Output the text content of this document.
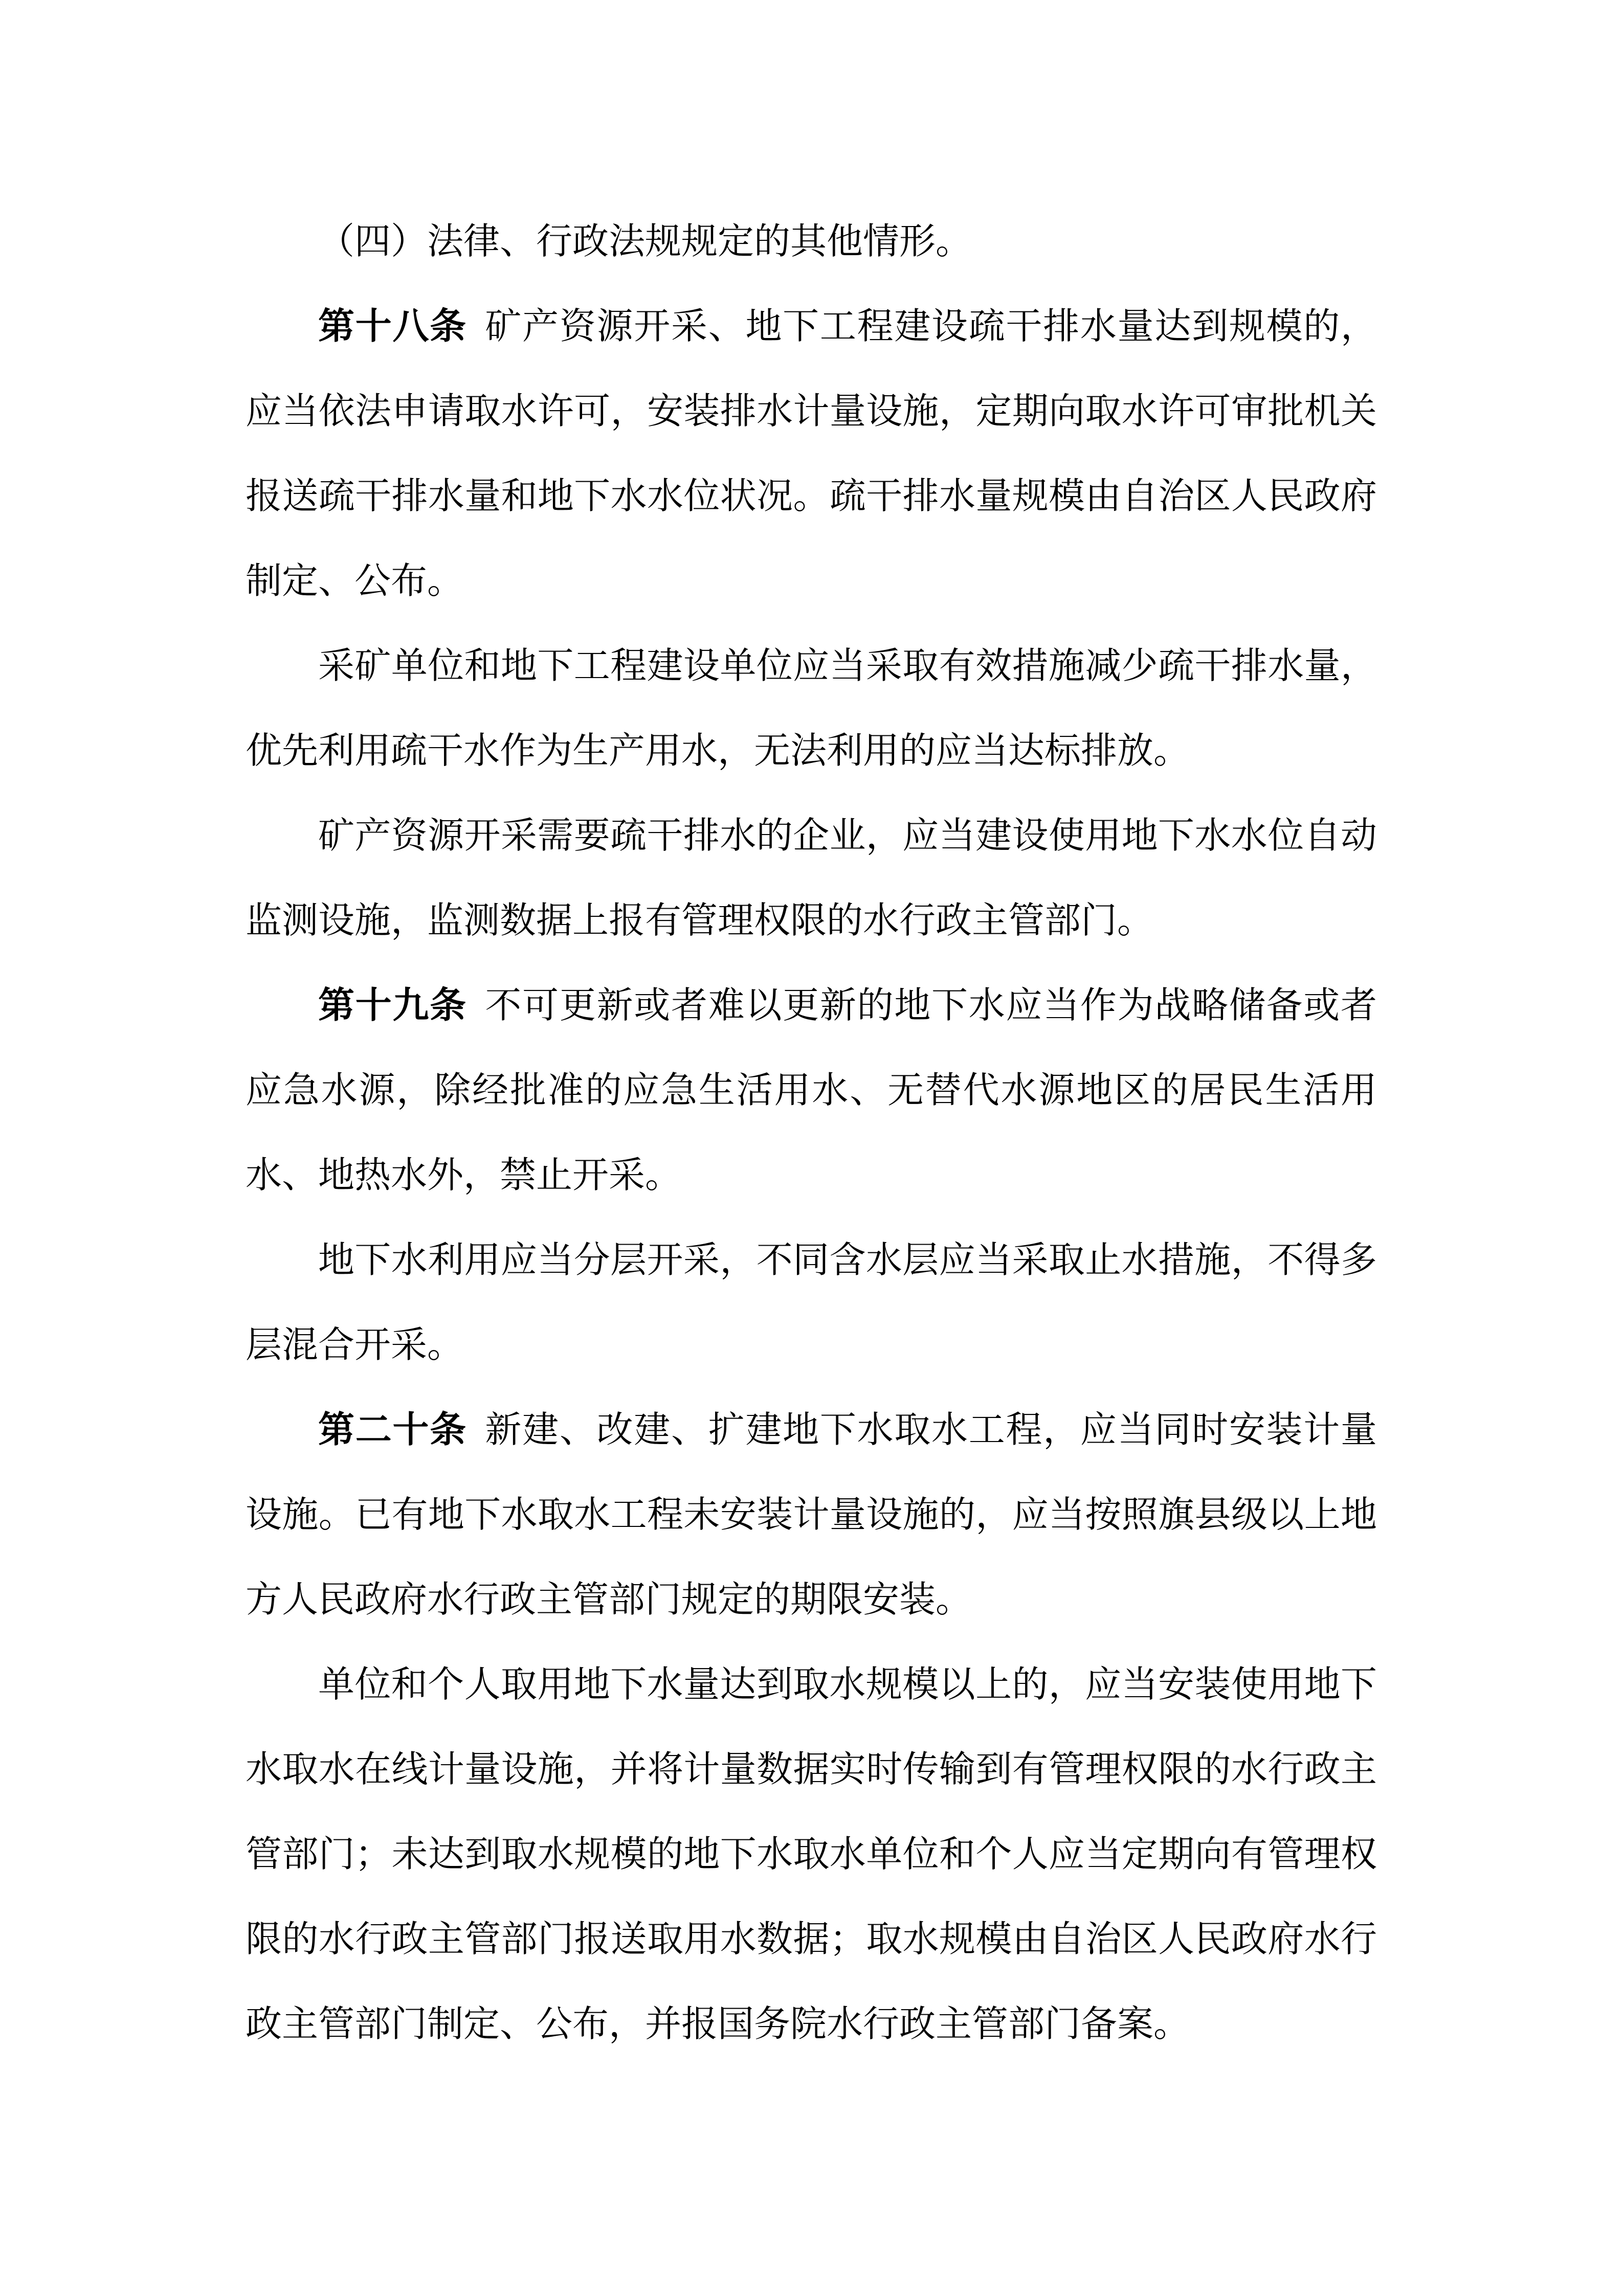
（四）法律、行政法规规定的其他情形。

第十八条 矿产资源开采、地下工程建设疏干排水量达到规模的，应当依法申请取水许可，安装排水计量设施，定期向取水许可审批机关报送疏干排水量和地下水水位状况。疏干排水量规模由自治区人民政府制定、公布。

采矿单位和地下工程建设单位应当采取有效措施减少疏干排水量，优先利用疏干水作为生产用水，无法利用的应当达标排放。

矿产资源开采需要疏干排水的企业，应当建设使用地下水水位自动监测设施，监测数据上报有管理权限的水行政主管部门。

第十九条 不可更新或者难以更新的地下水应当作为战略储备或者应急水源，除经批准的应急生活用水、无替代水源地区的居民生活用水、地热水外，禁止开采。

地下水利用应当分层开采，不同含水层应当采取止水措施，不得多层混合开采。

第二十条 新建、改建、扩建地下水取水工程，应当同时安装计量设施。已有地下水取水工程未安装计量设施的，应当按照旗县级以上地方人民政府水行政主管部门规定的期限安装。

单位和个人取用地下水量达到取水规模以上的，应当安装使用地下水取水在线计量设施，并将计量数据实时传输到有管理权限的水行政主管部门；未达到取水规模的地下水取水单位和个人应当定期向有管理权限的水行政主管部门报送取用水数据；取水规模由自治区人民政府水行政主管部门制定、公布，并报国务院水行政主管部门备案。
